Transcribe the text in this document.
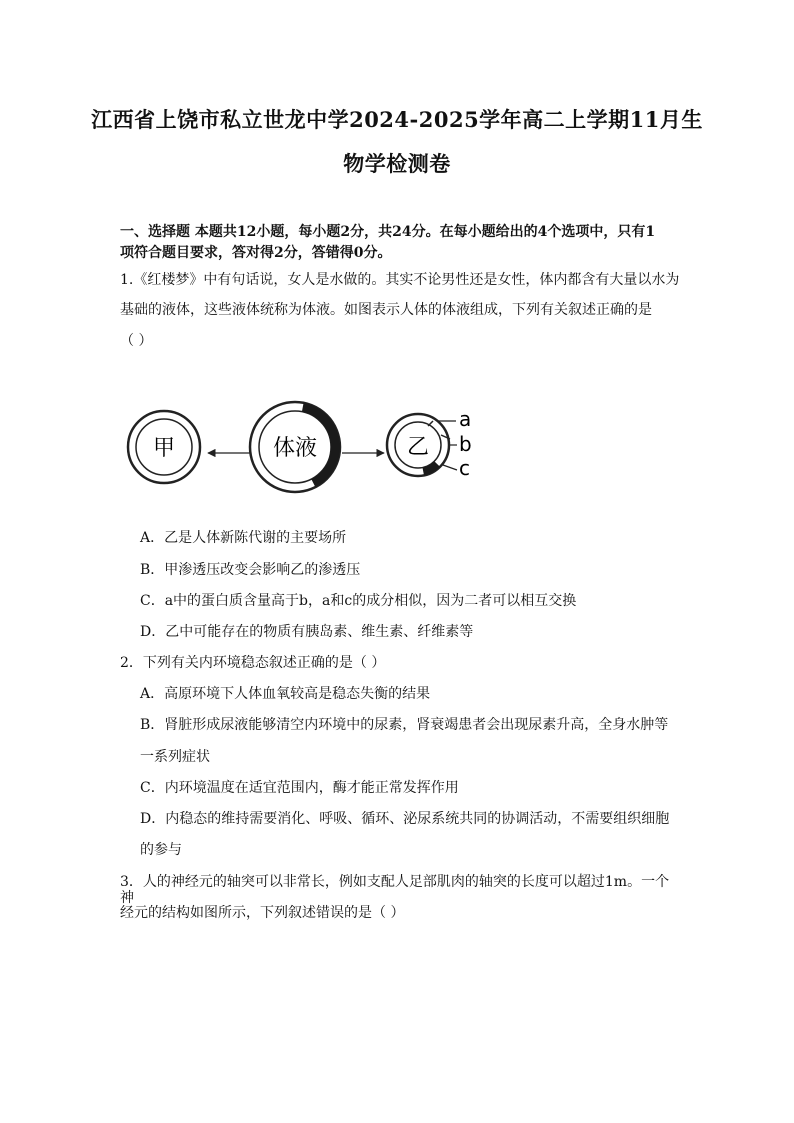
江西省上饶市私立世龙中学2024-2025学年高二上学期11月生
物学检测卷
一、选择题 本题共12小题，每小题2分，共24分。在每小题给出的4个选项中，只有1
项符合题目要求，答对得2分，答错得0分。
1.《红楼梦》中有句话说，女人是水做的。其实不论男性还是女性，体内都含有大量以水为
基础的液体，这些液体统称为体液。如图表示人体的体液组成，下列有关叙述正确的是
（ ）
甲	体液	乙
a
b
c
A．乙是人体新陈代谢的主要场所
B．甲渗透压改变会影响乙的渗透压
C．a中的蛋白质含量高于b，a和c的成分相似，因为二者可以相互交换
D．乙中可能存在的物质有胰岛素、维生素、纤维素等
2．下列有关内环境稳态叙述正确的是（ ）
A．高原环境下人体血氧较高是稳态失衡的结果
B．肾脏形成尿液能够清空内环境中的尿素，肾衰竭患者会出现尿素升高，全身水肿等
一系列症状
C．内环境温度在适宜范围内，酶才能正常发挥作用
D．内稳态的维持需要消化、呼吸、循环、泌尿系统共同的协调活动，不需要组织细胞
的参与
3．人的神经元的轴突可以非常长，例如支配人足部肌肉的轴突的长度可以超过1m。一个神
经元的结构如图所示，下列叙述错误的是（ ）
